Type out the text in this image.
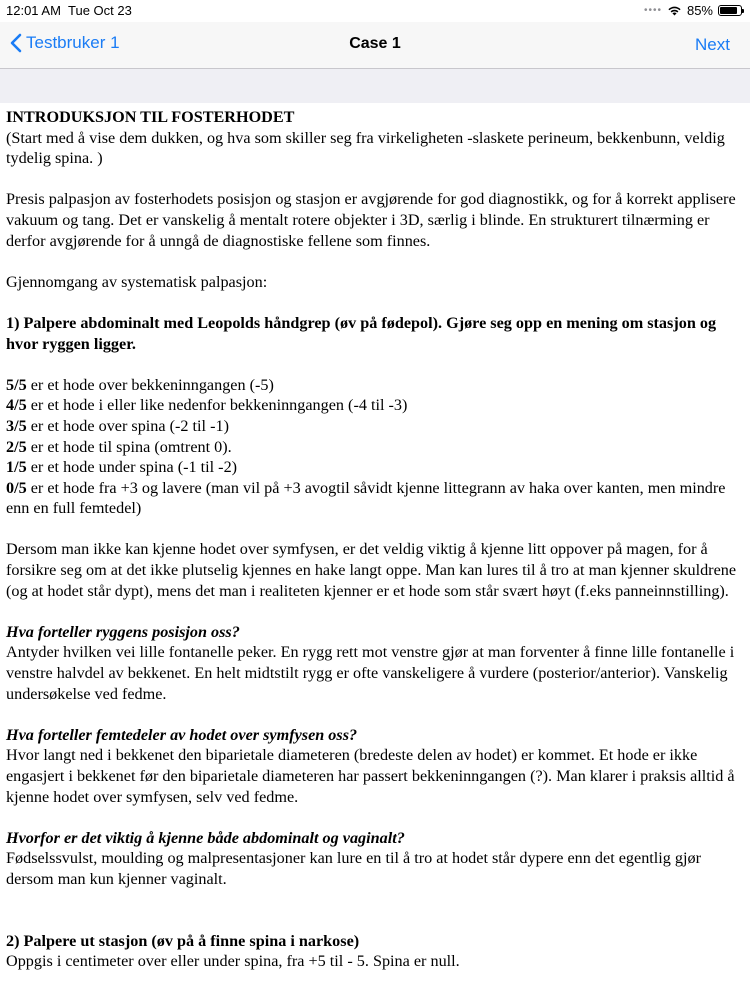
12:01 AM Tue Oct 23	•••• 85%
Testbruker 1	Case 1	Next

INTRODUKSJON TIL FOSTERHODET

(Start med å vise dem dukken, og hva som skiller seg fra virkeligheten -slaskete perineum, bekkenbunn, veldig tydelig spina. )

Presis palpasjon av fosterhodets posisjon og stasjon er avgjørende for god diagnostikk, og for å korrekt applisere vakuum og tang. Det er vanskelig å mentalt rotere objekter i 3D, særlig i blinde. En strukturert tilnærming er derfor avgjørende for å unngå de diagnostiske fellene som finnes.

Gjennomgang av systematisk palpasjon:

1) Palpere abdominalt med Leopolds håndgrep (øv på fødepol). Gjøre seg opp en mening om stasjon og hvor ryggen ligger.

5/5 er et hode over bekkeninngangen (-5)
4/5 er et hode i eller like nedenfor bekkeninngangen (-4 til -3)
3/5 er et hode over spina (-2 til -1)
2/5 er et hode til spina (omtrent 0).
1/5 er et hode under spina (-1 til -2)
0/5 er et hode fra +3 og lavere (man vil på +3 avogtil såvidt kjenne littegrann av haka over kanten, men mindre enn en full femtedel)

Dersom man ikke kan kjenne hodet over symfysen, er det veldig viktig å kjenne litt oppover på magen, for å forsikre seg om at det ikke plutselig kjennes en hake langt oppe. Man kan lures til å tro at man kjenner skuldrene (og at hodet står dypt), mens det man i realiteten kjenner er et hode som står svært høyt (f.eks panneinnstilling).

Hva forteller ryggens posisjon oss?

Antyder hvilken vei lille fontanelle peker. En rygg rett mot venstre gjør at man forventer å finne lille fontanelle i venstre halvdel av bekkenet. En helt midtstilt rygg er ofte vanskeligere å vurdere (posterior/anterior). Vanskelig undersøkelse ved fedme.

Hva forteller femtedeler av hodet over symfysen oss?

Hvor langt ned i bekkenet den biparietale diameteren (bredeste delen av hodet) er kommet. Et hode er ikke engasjert i bekkenet før den biparietale diameteren har passert bekkeninngangen (?). Man klarer i praksis alltid å kjenne hodet over symfysen, selv ved fedme.

Hvorfor er det viktig å kjenne både abdominalt og vaginalt?

Fødselssvulst, moulding og malpresentasjoner kan lure en til å tro at hodet står dypere enn det egentlig gjør dersom man kun kjenner vaginalt.

2) Palpere ut stasjon (øv på å finne spina i narkose)

Oppgis i centimeter over eller under spina, fra +5 til - 5. Spina er null.
